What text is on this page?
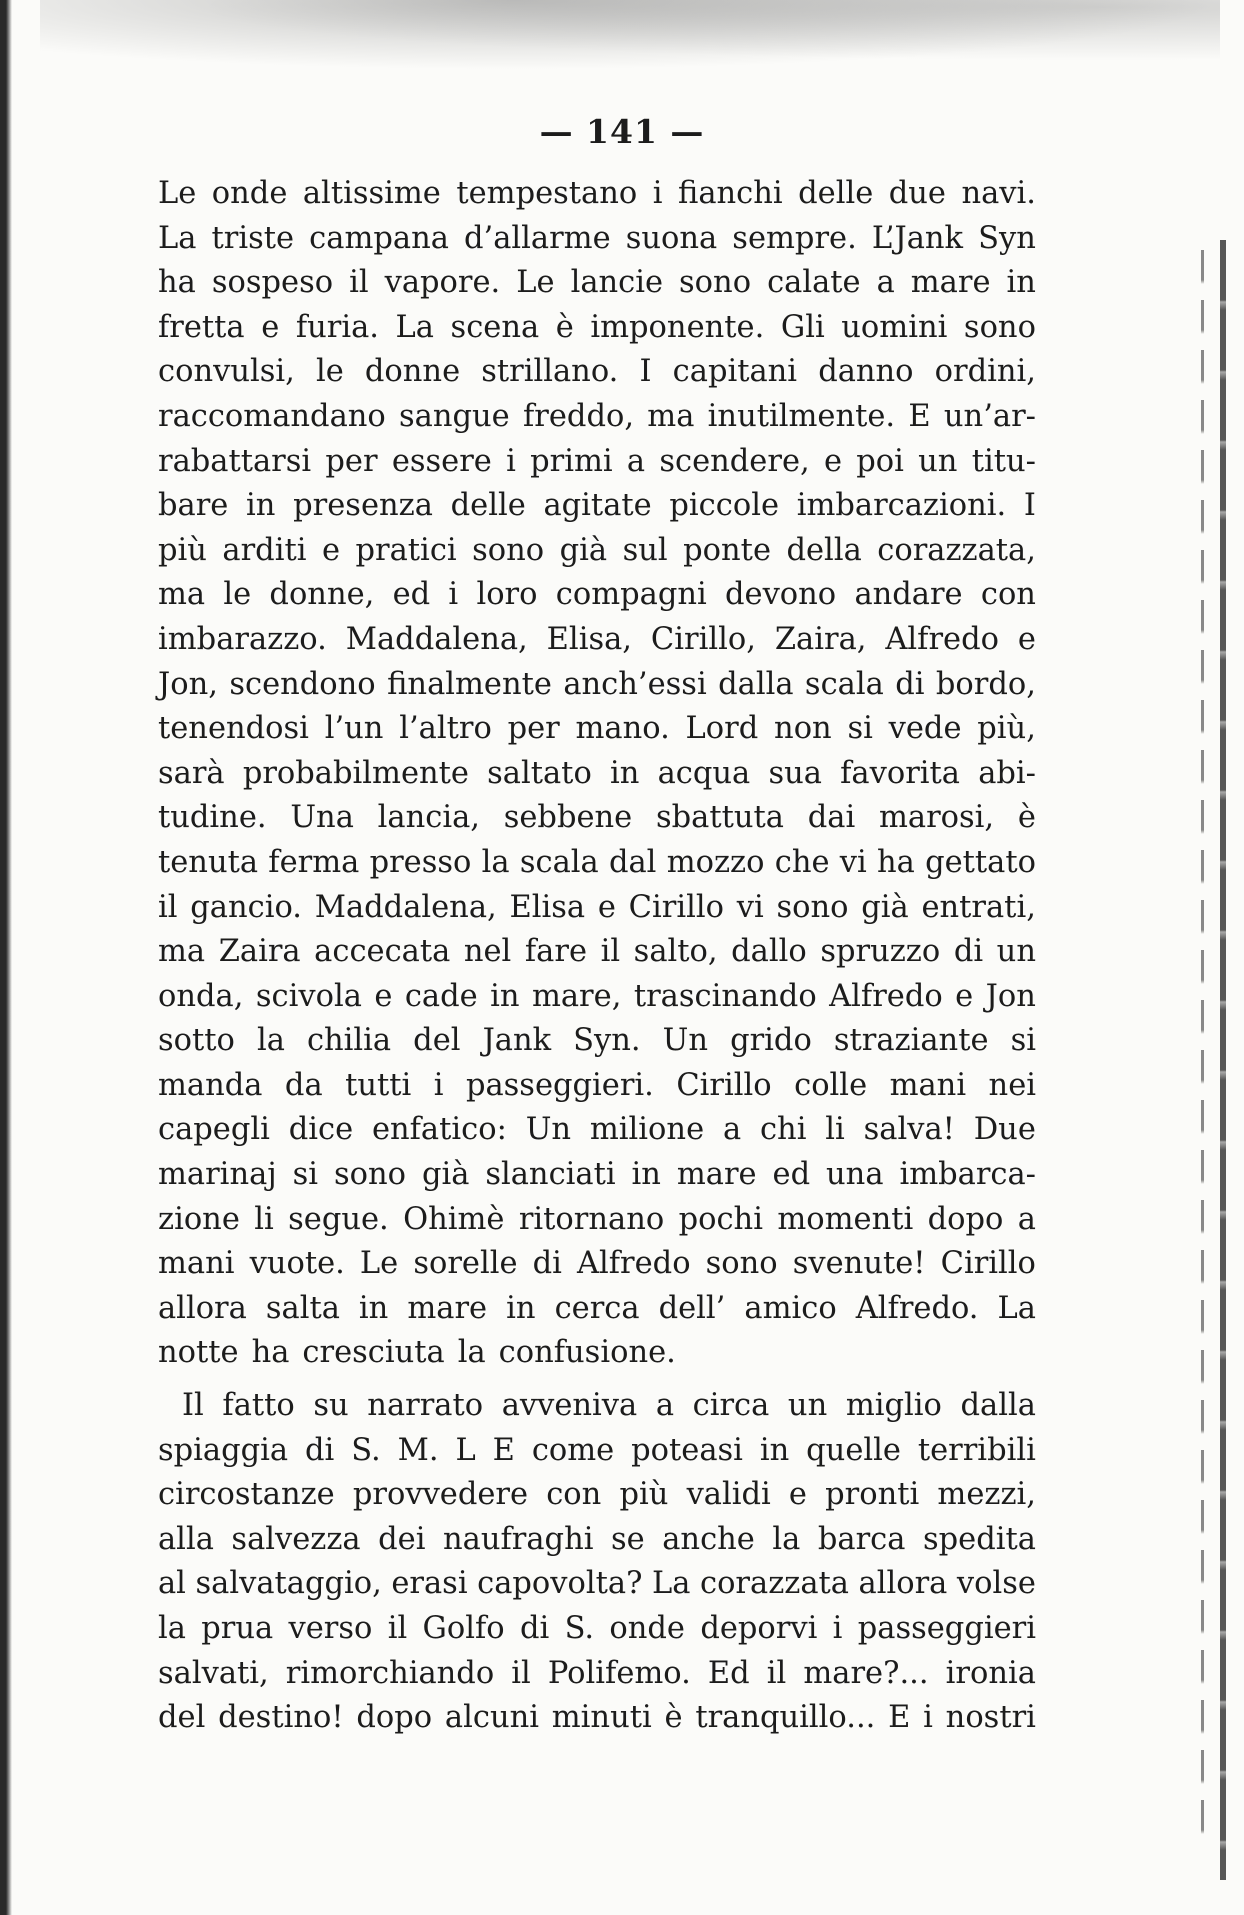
— 141 —
Le onde altissime tempestano i fianchi delle due navi.
La triste campana d’allarme suona sempre. L’Jank Syn
ha sospeso il vapore. Le lancie sono calate a mare in
fretta e furia. La scena è imponente. Gli uomini sono
convulsi, le donne strillano. I capitani danno ordini,
raccomandano sangue freddo, ma inutilmente. E un’ar-
rabattarsi per essere i primi a scendere, e poi un titu-
bare in presenza delle agitate piccole imbarcazioni. I
più arditi e pratici sono già sul ponte della corazzata,
ma le donne, ed i loro compagni devono andare con
imbarazzo. Maddalena, Elisa, Cirillo, Zaira, Alfredo e
Jon, scendono finalmente anch’essi dalla scala di bordo,
tenendosi l’un l’altro per mano. Lord non si vede più,
sarà probabilmente saltato in acqua sua favorita abi-
tudine. Una lancia, sebbene sbattuta dai marosi, è
tenuta ferma presso la scala dal mozzo che vi ha gettato
il gancio. Maddalena, Elisa e Cirillo vi sono già entrati,
ma Zaira accecata nel fare il salto, dallo spruzzo di un
onda, scivola e cade in mare, trascinando Alfredo e Jon
sotto la chilia del Jank Syn. Un grido straziante si
manda da tutti i passeggieri. Cirillo colle mani nei
capegli dice enfatico: Un milione a chi li salva! Due
marinaj si sono già slanciati in mare ed una imbarca-
zione li segue. Ohimè ritornano pochi momenti dopo a
mani vuote. Le sorelle di Alfredo sono svenute! Cirillo
allora salta in mare in cerca dell’ amico Alfredo. La
notte ha cresciuta la confusione.
Il fatto su narrato avveniva a circa un miglio dalla
spiaggia di S. M. L E come poteasi in quelle terribili
circostanze provvedere con più validi e pronti mezzi,
alla salvezza dei naufraghi se anche la barca spedita
al salvataggio, erasi capovolta? La corazzata allora volse
la prua verso il Golfo di S. onde deporvi i passeggieri
salvati, rimorchiando il Polifemo. Ed il mare?... ironia
del destino! dopo alcuni minuti è tranquillo... E i nostri
